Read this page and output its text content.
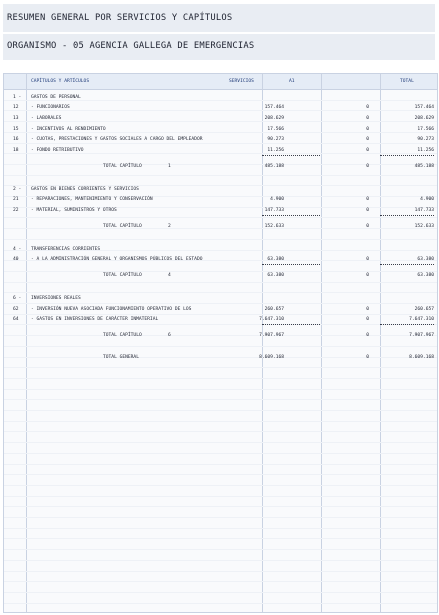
RESUMEN GENERAL POR SERVICIOS Y CAPÍTULOS
ORGANISMO - 05 AGENCIA GALLEGA DE EMERGENCIAS
CAPÍTULOS Y ARTÍCULOS	SERVICIOS	A1	TOTAL
1 - GASTOS DE PERSONAL
12	- FUNCIONARIOS	157.464	0	157.464
13	- LABORALES	208.629	0	208.629
15	- INCENTIVOS AL RENDIMIENTO	17.566	0	17.566
16	- CUOTAS, PRESTACIONES Y GASTOS SOCIALES A CARGO DEL EMPLEADOR	90.273	0	90.273
18	- FONDO RETRIBUTIVO	11.256	0	11.256
TOTAL CAPÍTULO	1	485.188	0	485.188
2 - GASTOS EN BIENES CORRIENTES Y SERVICIOS
21	- REPARACIONES, MANTENIMIENTO Y CONSERVACIÓN	4.900	0	4.900
22	- MATERIAL, SUMINISTROS Y OTROS	147.733	0	147.733
TOTAL CAPÍTULO	2	152.633	0	152.633
4 - TRANSFERENCIAS CORRIENTES
40	- A LA ADMINISTRACIÓN GENERAL Y ORGANISMOS PÚBLICOS DEL ESTADO	63.380	0	63.380
TOTAL CAPÍTULO	4	63.380	0	63.380
6 - INVERSIONES REALES
62	- INVERSIÓN NUEVA ASOCIADA FUNCIONAMIENTO OPERATIVO DE LOS	260.657	0	260.657
64	- GASTOS EN INVERSIONES DE CARÁCTER INMATERIAL	7.647.310	0	7.647.310
TOTAL CAPÍTULO	6	7.907.967	0	7.907.967
TOTAL GENERAL	8.609.168	0	8.609.168
